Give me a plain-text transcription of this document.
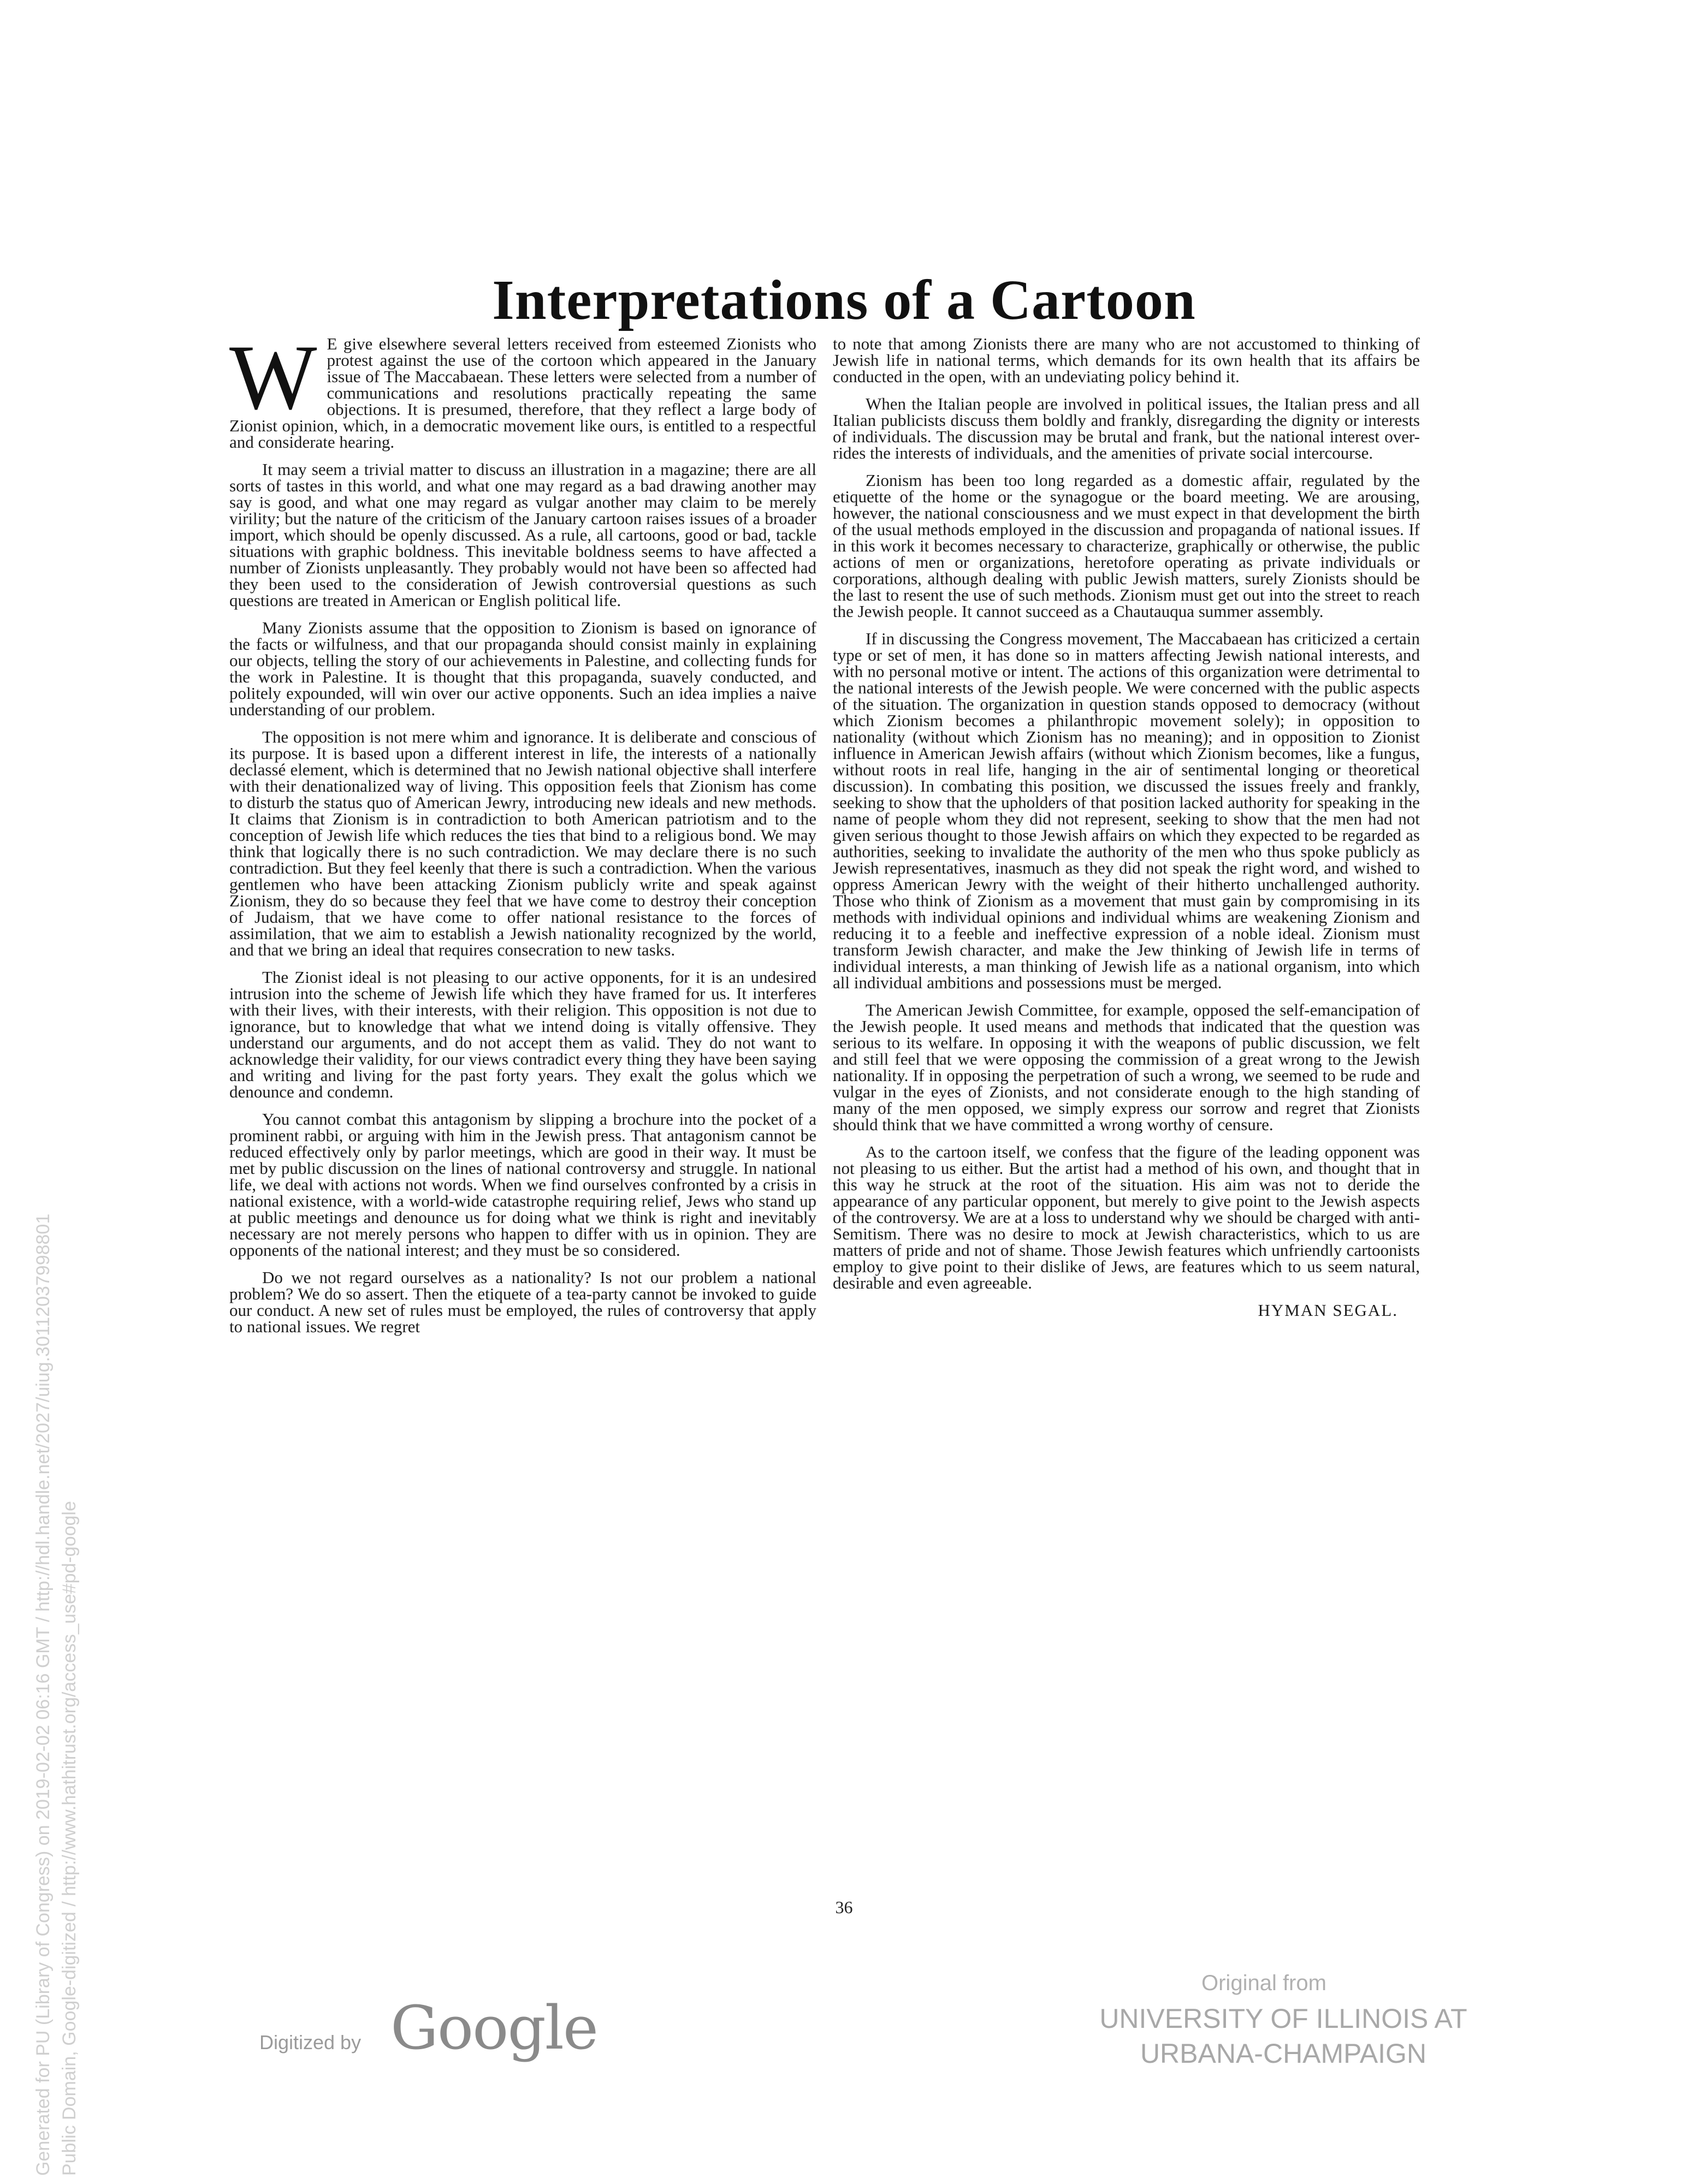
Interpretations of a Cartoon

W E give elsewhere several letters received from esteemed Zionists who protest against the use of the cortoon which appeared in the January issue of The Maccabaean. These letters were selected from a number of communications and resolutions practically repeating the same objections. It is presumed, therefore, that they reflect a large body of Zionist opinion, which, in a democratic movement like ours, is entitled to a respectful and considerate hearing.

It may seem a trivial matter to discuss an illustration in a magazine; there are all sorts of tastes in this world, and what one may regard as a bad drawing another may say is good, and what one may regard as vulgar another may claim to be merely virility; but the nature of the criticism of the January cartoon raises issues of a broader import, which should be openly discussed. As a rule, all cartoons, good or bad, tackle situations with graphic boldness. This inevitable boldness seems to have affected a number of Zionists unpleasantly. They probably would not have been so affected had they been used to the consideration of Jewish controversial questions as such questions are treated in American or English political life.

Many Zionists assume that the opposition to Zionism is based on ignorance of the facts or wilfulness, and that our propaganda should consist mainly in explaining our objects, telling the story of our achievements in Palestine, and collecting funds for the work in Palestine. It is thought that this propaganda, suavely conducted, and politely expounded, will win over our active opponents. Such an idea implies a naive understanding of our problem.

The opposition is not mere whim and ignorance. It is deliberate and conscious of its purpose. It is based upon a different interest in life, the interests of a nationally declassé element, which is determined that no Jewish national objective shall interfere with their denationalized way of living. This opposition feels that Zionism has come to disturb the status quo of American Jewry, introducing new ideals and new methods. It claims that Zionism is in contradiction to both American patriotism and to the conception of Jewish life which reduces the ties that bind to a religious bond. We may think that logically there is no such contradiction. We may declare there is no such contradiction. But they feel keenly that there is such a contradiction. When the various gentlemen who have been attacking Zionism publicly write and speak against Zionism, they do so because they feel that we have come to destroy their conception of Judaism, that we have come to offer national resistance to the forces of assimilation, that we aim to establish a Jewish nationality recognized by the world, and that we bring an ideal that requires consecration to new tasks.

The Zionist ideal is not pleasing to our active opponents, for it is an undesired intrusion into the scheme of Jewish life which they have framed for us. It interferes with their lives, with their interests, with their religion. This opposition is not due to ignorance, but to knowledge that what we intend doing is vitally offensive. They understand our arguments, and do not accept them as valid. They do not want to acknowledge their validity, for our views contradict every thing they have been saying and writing and living for the past forty years. They exalt the golus which we denounce and condemn.

You cannot combat this antagonism by slipping a brochure into the pocket of a prominent rabbi, or arguing with him in the Jewish press. That antagonism cannot be reduced effectively only by parlor meetings, which are good in their way. It must be met by public discussion on the lines of national controversy and struggle. In national life, we deal with actions not words. When we find ourselves confronted by a crisis in national existence, with a world-wide catastrophe requiring relief, Jews who stand up at public meetings and denounce us for doing what we think is right and inevitably necessary are not merely persons who happen to differ with us in opinion. They are opponents of the national interest; and they must be so considered.

Do we not regard ourselves as a nationality? Is not our problem a national problem? We do so assert. Then the etiquete of a tea-party cannot be invoked to guide our conduct. A new set of rules must be employed, the rules of controversy that apply to national issues. We regret

to note that among Zionists there are many who are not accustomed to thinking of Jewish life in national terms, which demands for its own health that its affairs be conducted in the open, with an undeviating policy behind it.

When the Italian people are involved in political issues, the Italian press and all Italian publicists discuss them boldly and frankly, disregarding the dignity or interests of individuals. The discussion may be brutal and frank, but the national interest over-rides the interests of individuals, and the amenities of private social intercourse.

Zionism has been too long regarded as a domestic affair, regulated by the etiquette of the home or the synagogue or the board meeting. We are arousing, however, the national consciousness and we must expect in that development the birth of the usual methods employed in the discussion and propaganda of national issues. If in this work it becomes necessary to characterize, graphically or otherwise, the public actions of men or organizations, heretofore operating as private individuals or corporations, although dealing with public Jewish matters, surely Zionists should be the last to resent the use of such methods. Zionism must get out into the street to reach the Jewish people. It cannot succeed as a Chautauqua summer assembly.

If in discussing the Congress movement, The Maccabaean has criticized a certain type or set of men, it has done so in matters affecting Jewish national interests, and with no personal motive or intent. The actions of this organization were detrimental to the national interests of the Jewish people. We were concerned with the public aspects of the situation. The organization in question stands opposed to democracy (without which Zionism becomes a philanthropic movement solely); in opposition to nationality (without which Zionism has no meaning); and in opposition to Zionist influence in American Jewish affairs (without which Zionism becomes, like a fungus, without roots in real life, hanging in the air of sentimental longing or theoretical discussion). In combating this position, we discussed the issues freely and frankly, seeking to show that the upholders of that position lacked authority for speaking in the name of people whom they did not represent, seeking to show that the men had not given serious thought to those Jewish affairs on which they expected to be regarded as authorities, seeking to invalidate the authority of the men who thus spoke publicly as Jewish representatives, inasmuch as they did not speak the right word, and wished to oppress American Jewry with the weight of their hitherto unchallenged authority. Those who think of Zionism as a movement that must gain by compromising in its methods with individual opinions and individual whims are weakening Zionism and reducing it to a feeble and ineffective expression of a noble ideal. Zionism must transform Jewish character, and make the Jew thinking of Jewish life in terms of individual interests, a man thinking of Jewish life as a national organism, into which all individual ambitions and possessions must be merged.

The American Jewish Committee, for example, opposed the self-emancipation of the Jewish people. It used means and methods that indicated that the question was serious to its welfare. In opposing it with the weapons of public discussion, we felt and still feel that we were opposing the commission of a great wrong to the Jewish nationality. If in opposing the perpetration of such a wrong, we seemed to be rude and vulgar in the eyes of Zionists, and not considerate enough to the high standing of many of the men opposed, we simply express our sorrow and regret that Zionists should think that we have committed a wrong worthy of censure.

As to the cartoon itself, we confess that the figure of the leading opponent was not pleasing to us either. But the artist had a method of his own, and thought that in this way he struck at the root of the situation. His aim was not to deride the appearance of any particular opponent, but merely to give point to the Jewish aspects of the controversy. We are at a loss to understand why we should be charged with anti-Semitism. There was no desire to mock at Jewish characteristics, which to us are matters of pride and not of shame. Those Jewish features which unfriendly cartoonists employ to give point to their dislike of Jews, are features which to us seem natural, desirable and even agreeable.

HYMAN SEGAL.

36
Digitized by Google
Original from
UNIVERSITY OF ILLINOIS AT
URBANA-CHAMPAIGN
Generated for PU (Library of Congress) on 2019-02-02 06:16 GMT / http://hdl.handle.net/2027/uiug.30112037998801 Public Domain, Google-digitized / http://www.hathitrust.org/access_use#pd-google
